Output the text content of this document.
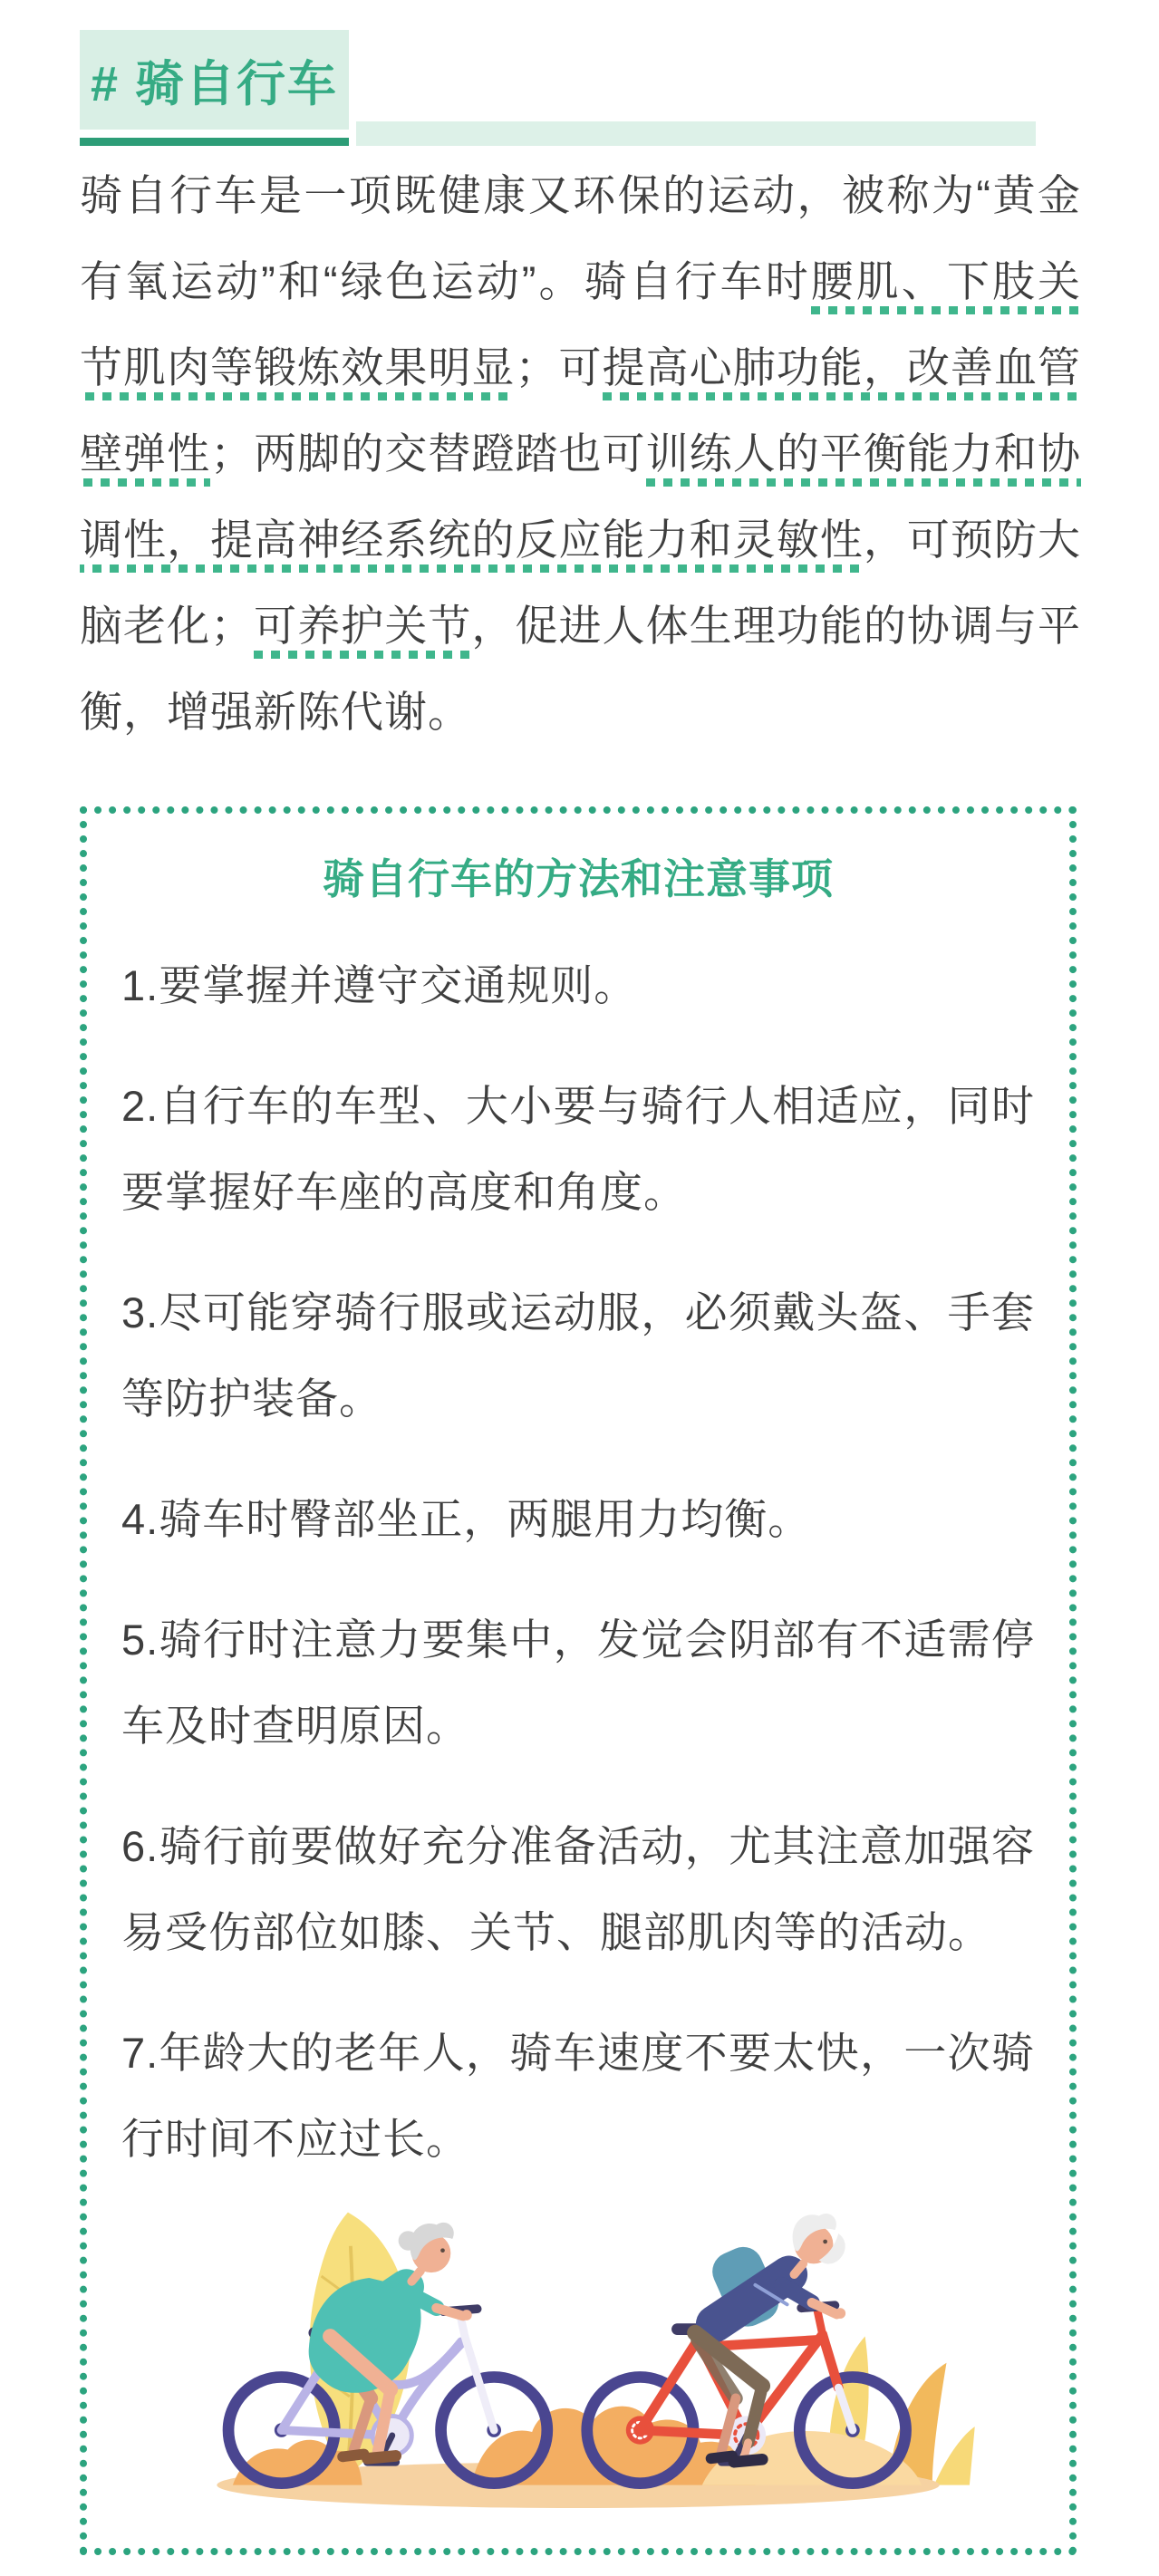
# 骑自行车

骑自行车是一项既健康又环保的运动，被称为“黄金有氧运动”和“绿色运动”。骑自行车时腰肌、下肢关节肌肉等锻炼效果明显；可提高心肺功能，改善血管壁弹性；两脚的交替蹬踏也可训练人的平衡能力和协调性，提高神经系统的反应能力和灵敏性，可预防大脑老化；可养护关节，促进人体生理功能的协调与平衡，增强新陈代谢。

骑自行车的方法和注意事项
1.要掌握并遵守交通规则。
2.自行车的车型、大小要与骑行人相适应，同时要掌握好车座的高度和角度。
3.尽可能穿骑行服或运动服，必须戴头盔、手套等防护装备。
4.骑车时臀部坐正，两腿用力均衡。
5.骑行时注意力要集中，发觉会阴部有不适需停车及时查明原因。
6.骑行前要做好充分准备活动，尤其注意加强容易受伤部位如膝、关节、腿部肌肉等的活动。
7.年龄大的老年人，骑车速度不要太快，一次骑行时间不应过长。
